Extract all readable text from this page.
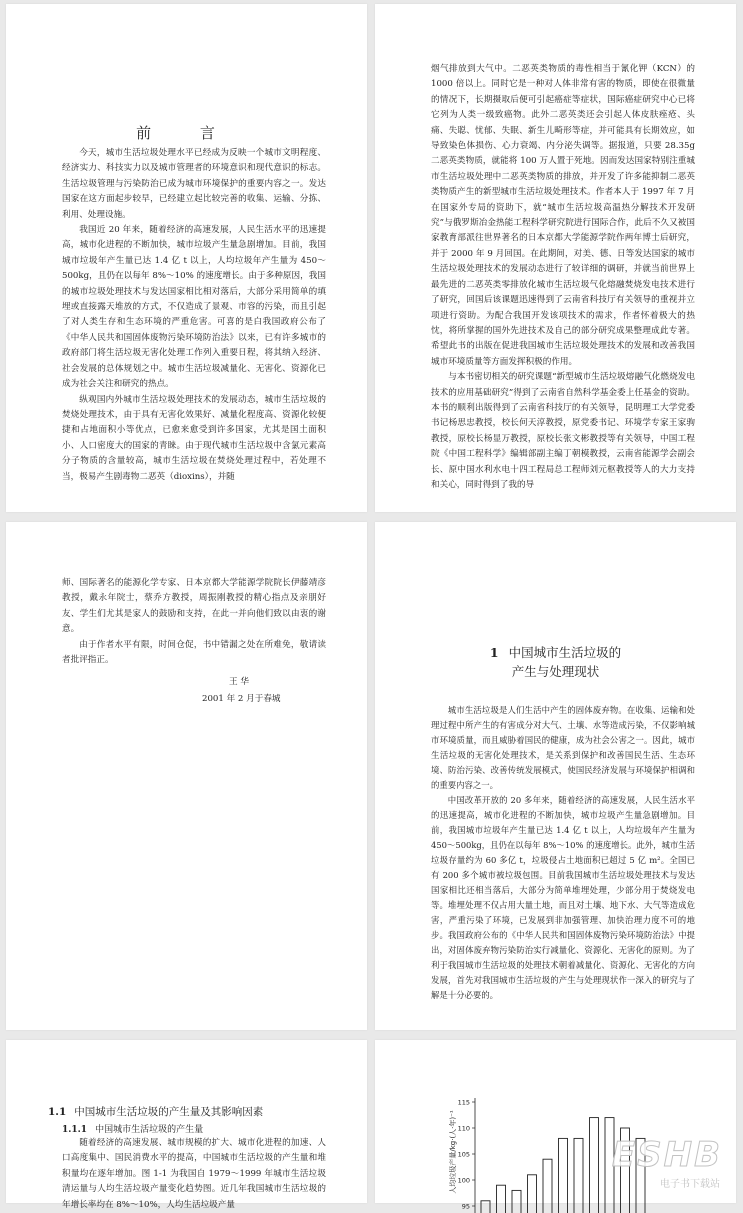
前 言

今天，城市生活垃圾处理水平已经成为反映一个城市文明程度、经济实力、科技实力以及城市管理者的环境意识和现代意识的标志。生活垃圾管理与污染防治已成为城市环境保护的重要内容之一。发达国家在这方面起步较早，已经建立起比较完善的收集、运输、分拣、利用、处理设施。

我国近 20 年来，随着经济的高速发展，人民生活水平的迅速提高，城市化进程的不断加快，城市垃圾产生量急剧增加。目前，我国城市垃圾年产生量已达 1.4 亿 t 以上，人均垃圾年产生量为 450～500kg，且仍在以每年 8%～10% 的速度增长。由于多种原因，我国的城市垃圾处理技术与发达国家相比相对落后，大部分采用简单的填埋或直接露天堆放的方式，不仅造成了景观、市容的污染，而且引起了对人类生存和生态环境的严重危害。可喜的是白我国政府公布了《中华人民共和国固体废物污染环境防治法》以来，已有许多城市的政府部门将生活垃圾无害化处理工作列入重要日程，将其纳入经济、社会发展的总体规划之中。城市生活垃圾减量化、无害化、资源化已成为社会关注和研究的热点。

纵观国内外城市生活垃圾处理技术的发展动态，城市生活垃圾的焚烧处理技术，由于具有无害化效果好、减量化程度高、资源化较便捷和占地面积小等优点，已愈来愈受到许多国家，尤其是国土面积小、人口密度大的国家的青睐。由于现代城市生活垃圾中含氯元素高分子物质的含量较高，城市生活垃圾在焚烧处理过程中，若处理不当，极易产生剧毒物二恶英（dioxins），并随

烟气排放到大气中。二恶英类物质的毒性相当于氰化钾（KCN）的 1000 倍以上。同时它是一种对人体非常有害的物质，即使在很微量的情况下，长期摄取后便可引起癌症等症状，国际癌症研究中心已将它列为人类一级致癌物。此外二恶英类还会引起人体皮肤痤疮、头痛、失聪、忧郁、失眠、新生儿畸形等症，并可能具有长期效应，如导致染色体损伤、心力衰竭、内分泌失调等。据报道，只要 28.35g 二恶英类物质，就能将 100 万人置于死地。因而发达国家特别注重城市生活垃圾处理中二恶英类物质的排放，并开发了许多能抑制二恶英类物质产生的新型城市生活垃圾处理技术。作者本人于 1997 年 7 月在国家外专局的资助下，就“城市生活垃圾高温热分解技术开发研究”与俄罗斯冶金热能工程科学研究院进行国际合作，此后不久又被国家教育部派往世界著名的日本京都大学能源学院作两年博士后研究，并于 2000 年 9 月回国。在此期间，对美、德、日等发达国家的城市生活垃圾处理技术的发展动态进行了较详细的调研，并就当前世界上最先进的二恶英类零排放化城市生活垃圾气化熔融焚烧发电技术进行了研究，回国后该课题迅速得到了云南省科技厅有关领导的重视并立项进行资助。为配合我国开发该项技术的需求，作者怀着极大的热忱，将所掌握的国外先进技术及自己的部分研究成果整理成此专著。希望此书的出版在促进我国城市生活垃圾处理技术的发展和改善我国城市环境质量等方面发挥积极的作用。

与本书密切相关的研究课题“新型城市生活垃圾熔融气化燃烧发电技术的应用基础研究”得到了云南省自然科学基金委上任基金的资助。本书的顺利出版得到了云南省科技厅的有关领导，昆明理工大学党委书记杨思忠教授，校长何天淳教授，原党委书记、环境学专家王家驹教授，原校长杨显万教授，原校长张文彬教授等有关领导，中国工程院《中国工程科学》编辑部副主编丁朝模教授，云南省能源学会副会长、原中国水利水电十四工程局总工程师刘元枢教授等人的大力支持和关心，同时得到了我的导

师、国际著名的能源化学专家、日本京都大学能源学院院长伊藤靖彦教授，戴永年院士，蔡乔方教授，周振刚教授的精心指点及亲朋好友、学生们尤其是家人的鼓励和支持，在此一并向他们致以由衷的谢意。

由于作者水平有限，时间仓促，书中错漏之处在所难免，敬请读者批评指正。

王 华
2001 年 2 月于春城
1 中国城市生活垃圾的
产生与处理现状

城市生活垃圾是人们生活中产生的固体废弃物。在收集、运输和处理过程中所产生的有害成分对大气、土壤、水等造成污染，不仅影响城市环境质量，而且威胁着国民的健康，成为社会公害之一。因此，城市生活垃圾的无害化处理技术，是关系到保护和改善国民生活、生态环境、防治污染、改善传统发展模式，使国民经济发展与环境保护相调和的重要内容之一。

中国改革开放的 20 多年来，随着经济的高速发展，人民生活水平的迅速提高，城市化进程的不断加快，城市垃圾产生量急剧增加。目前，我国城市垃圾年产生量已达 1.4 亿 t 以上，人均垃圾年产生量为 450～500kg，且仍在以每年 8%～10% 的速度增长。此外，城市生活垃圾存量约为 60 多亿 t，垃圾侵占土地面积已超过 5 亿 m²。全国已有 200 多个城市被垃圾包围。目前我国城市生活垃圾处理技术与发达国家相比还相当落后，大部分为简单堆埋处理，少部分用于焚烧发电等。堆埋处理不仅占用大量土地，而且对土壤、地下水、大气等造成危害，严重污染了环境，已发展到非加强管理、加快治理力度不可的地步。我国政府公布的《中华人民共和国固体废物污染环境防治法》中提出，对固体废弃物污染防治实行减量化、资源化、无害化的原则。为了利于我国城市生活垃圾的处理技术朝着减量化、资源化、无害化的方向发展，首先对我国城市生活垃圾的产生与处理现状作一深入的研究与了解是十分必要的。

1.1 中国城市生活垃圾的产生量及其影响因素
1.1.1 中国城市生活垃圾的产生量

随着经济的高速发展、城市规模的扩大、城市化进程的加速、人口高度集中、国民消费水平的提高，中国城市生活垃圾的产生量和堆积量均在逐年增加。图 1-1 为我国自 1979～1999 年城市生活垃圾清运量与人均生活垃圾产量变化趋势图。近几年我国城市生活垃圾的年增长率均在 8%～10%，人均生活垃圾产量

115
110
105
100
95
人均垃圾产量/kg·(人·年)⁻¹	ESHB
电子书下载站
